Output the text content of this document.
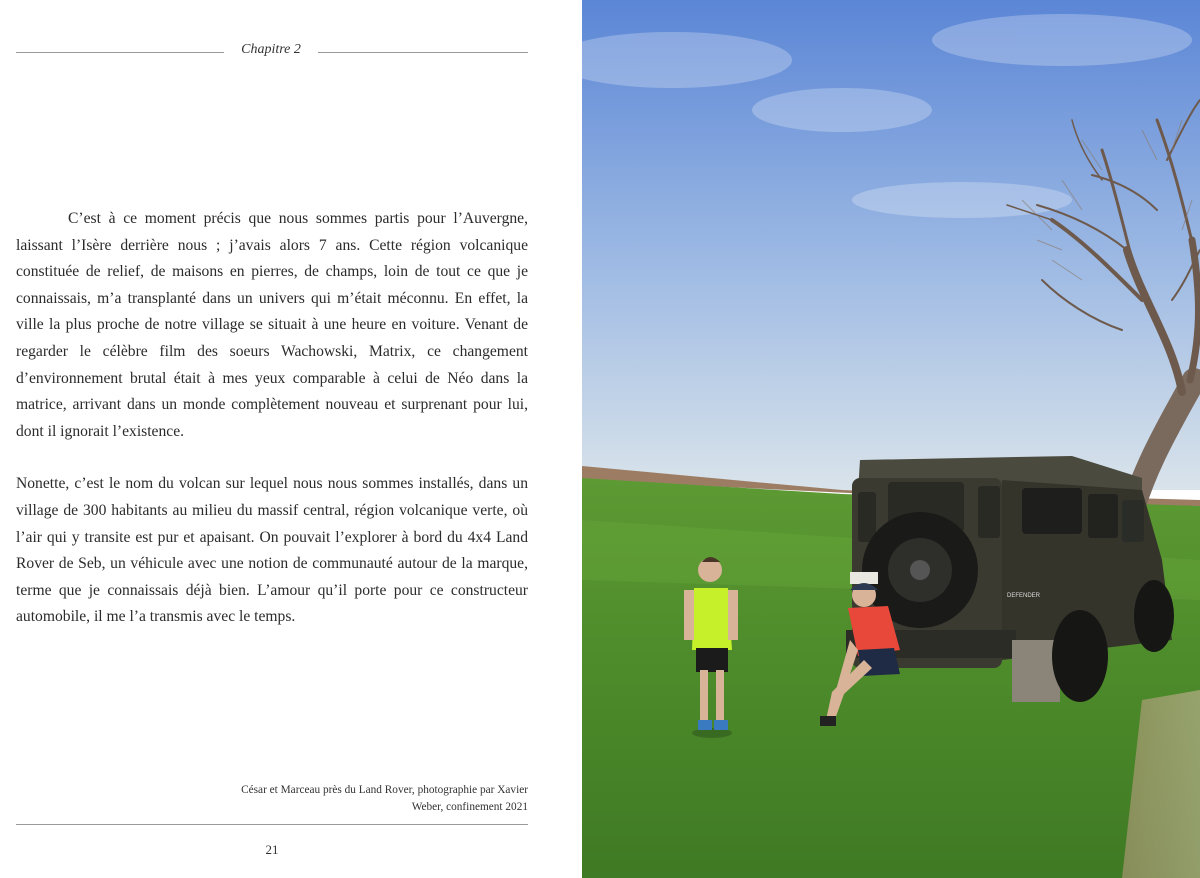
Chapitre 2

C’est à ce moment précis que nous sommes partis pour l’Auvergne, laissant l’Isère derrière nous ; j’avais alors 7 ans. Cette région volcanique constituée de relief, de maisons en pierres, de champs, loin de tout ce que je connaissais, m’a transplanté dans un univers qui m’était méconnu. En effet, la ville la plus proche de notre village se situait à une heure en voiture. Venant de regarder le célèbre film des soeurs Wachowski, Matrix, ce changement d’environnement brutal était à mes yeux comparable à celui de Néo dans la matrice, arrivant dans un monde complètement nouveau et surprenant pour lui, dont il ignorait l’existence.

Nonette, c’est le nom du volcan sur lequel nous nous sommes installés, dans un village de 300 habitants au milieu du massif central, région volcanique verte, où l’air qui y transite est pur et apaisant. On pouvait l’explorer à bord du 4x4 Land Rover de Seb, un véhicule avec une notion de communauté autour de la marque, terme que je connaissais déjà bien. L’amour qu’il porte pour ce constructeur automobile, il me l’a transmis avec le temps.

César et Marceau près du Land Rover, photographie par Xavier
Weber, confinement 2021
21
DEFENDER
